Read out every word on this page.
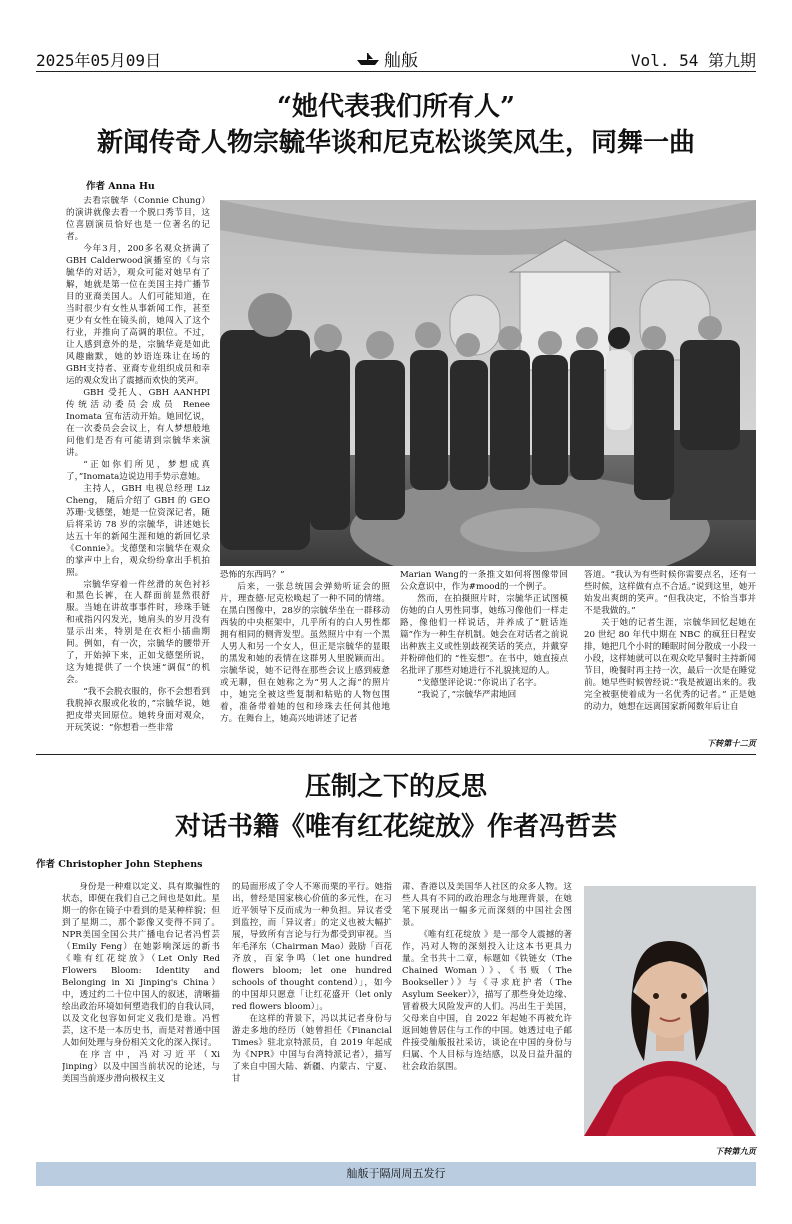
2025年05月09日	舢舨	Vol. 54 第九期
“她代表我们所有人”
新闻传奇人物宗毓华谈和尼克松谈笑风生，同舞一曲
作者 Anna Hu

去看宗毓华（Connie Chung）的演讲就像去看一个脱口秀节目，这位喜剧演员恰好也是一位著名的记者。

今年3月，200多名观众挤满了GBH Calderwood演播室的《与宗毓华的对话》，观众可能对她早有了解，她就是第一位在美国主持广播节目的亚裔美国人。人们可能知道，在当时很少有女性从事新闻工作，甚至更少有女性在镜头前，她闯入了这个行业，并推向了高调的职位。不过，让人感到意外的是，宗毓华竟是如此风趣幽默，她的妙语连珠让在场的GBH支持者、亚裔专业组织成员和幸运的观众发出了震撼而欢快的笑声。

GBH 受托人、GBH AANHPI 传统活动委员会成员 Renee Inomata 宣布活动开始。她回忆说，在一次委员会会议上，有人梦想般地问他们是否有可能请到宗毓华来演讲。

“正如你们所见，梦想成真了，”Inomata边说边用手势示意她。

主持人，GBH 电视总经理 Liz Cheng， 随后介绍了 GBH 的 GEO 苏珊·戈德堡，她是一位资深记者，随后将采访 78 岁的宗毓华，讲述她长达五十年的新闻生涯和她的新回忆录《Connie》。戈德堡和宗毓华在观众的掌声中上台，观众纷纷拿出手机拍照。

宗毓华穿着一件丝滑的灰色衬衫和黑色长裤，在人群面前显然很舒服。当她在讲故事事件时，珍珠手链和戒指闪闪发光，她肩头的岁月没有显示出来，特别是在衣柜小插曲期间。例如，有一次，宗毓华的腰带开了，开始掉下来，正如戈德堡所说，这为她提供了一个快速“调侃”的机会。

“我不会脱衣服的，你不会想看到我脱掉衣服或化妆的，”宗毓华说，她把皮带夹回原位。她转身面对观众，开玩笑说：“你想看一些非常

恐怖的东西吗？”

后来，一张总统国会弹劾听证会的照片，理查德·尼克松唤起了一种不同的情绪。在黑白图像中，28岁的宗毓华坐在一群移动西装的中央框架中，几乎所有的白人男性都拥有相同的侧背发型。虽然照片中有一个黑人男人和另一个女人，但正是宗毓华的显眼的黑发和她的表情在这群男人里脱颖而出。宗毓华说，她不记得在那些会议上感到疲惫或无聊，但在她称之为“男人之海”的照片中，她完全被这些复制和粘贴的人物包围着，准备带着她的包和珍珠去任何其他地方。在舞台上，她高兴地讲述了记者

Marian Wang的一条推文如何将图像带回公众意识中，作为#mood的一个例子。

然而，在拍摄照片时，宗毓华正试图模仿她的白人男性同事，她练习像他们一样走路，像他们一样说话，并养成了“脏话连篇”作为一种生存机制。她会在对话者之前说出种族主义或性别歧视笑话的笑点，并戴穿并粉碎他们的 “性妄想”。在书中，她直接点名批评了那些对她进行不礼貌挑逗的人。

“戈德堡评论说：”你说出了名字。

“我说了，”宗毓华严肃地回

答道。“我认为有些时候你需要点名，还有一些时候，这样做有点不合适。”说到这里，她开始发出爽朗的笑声。“但我决定，不恰当事并不是我做的。”

关于她的记者生涯，宗毓华回忆起她在 20 世纪 80 年代中期在 NBC 的疯狂日程安排，她把几个小时的睡眠时间分散成一小段一小段，这样她就可以在观众吃早餐时主持新闻节目，晚餐时再主持一次，最后一次是在睡觉前。她早些时候曾经说：”我是被逼出来的。我完全被驱使着成为一名优秀的记者。” 正是她的动力，她想在远离国家新闻数年后让自

下转第十二页
压制之下的反思
对话书籍《唯有红花绽放》作者冯哲芸
作者 Christopher John Stephens

身份是一种难以定义、具有欺骗性的状态，即便在我们自己之间也是如此。星期一的你在镜子中看到的是某种样貌；但到了星期二，那个影像又变得不同了。NPR美国全国公共广播电台记者冯哲芸（Emily Feng）在她影响深远的新书《唯有红花绽放》（Let Only Red Flowers Bloom: Identity and Belonging in Xi Jinping's China）中，透过约二十位中国人的叙述，清晰描绘出政治环境如何塑造我们的自我认同，以及文化包容如何定义我们是谁。冯哲芸，这不是一本历史书，而是对普通中国人如何处理与身份相关文化的深入探讨。

在序言中，冯对习近平（Xi Jinping）以及中国当前状况的论述，与美国当前逐步滑向极权主义

的局面形成了令人不寒而栗的平行。她指出，曾经是国家核心价值的多元性，在习近平领导下反而成为一种负担。异议者受到监控，而「异议者」的定义也被大幅扩展，导致所有言论与行为都受到审视。当年毛泽东（Chairman Mao）鼓励「百花齐放，百家争鸣（let one hundred flowers bloom; let one hundred schools of thought contend）」，如今的中国却只愿意「让红花盛开（let only red flowers bloom）」。

在这样的背景下，冯以其记者身份与游走多地的经历（她曾担任《Financial Times》驻北京特派员，自 2019 年起成为《NPR》中国与台湾特派记者），描写了来自中国大陆、新疆、内蒙古、宁夏、甘

肃、香港以及美国华人社区的众多人物。这些人具有不同的政治理念与地理背景，在她笔下展现出一幅多元而深刻的中国社会图景。

《唯有红花绽放 》是一部令人震撼的著作，冯对人物的深刻投入让这本书更具力量。全书共十二章，标题如《铁链女（The Chained Woman）》、《书贩（The Bookseller）》与《寻求庇护者（The Asylum Seeker）》，描写了那些身处边缘、冒着极大风险发声的人们。冯出生于美国，父母来自中国，自 2022 年起她不再被允许返回她曾居住与工作的中国。她透过电子邮件接受舢舨报社采访，谈论在中国的身份与归属、个人目标与连结感，以及日益升温的社会政治氛围。

下转第九页
舢舨于隔周周五发行
